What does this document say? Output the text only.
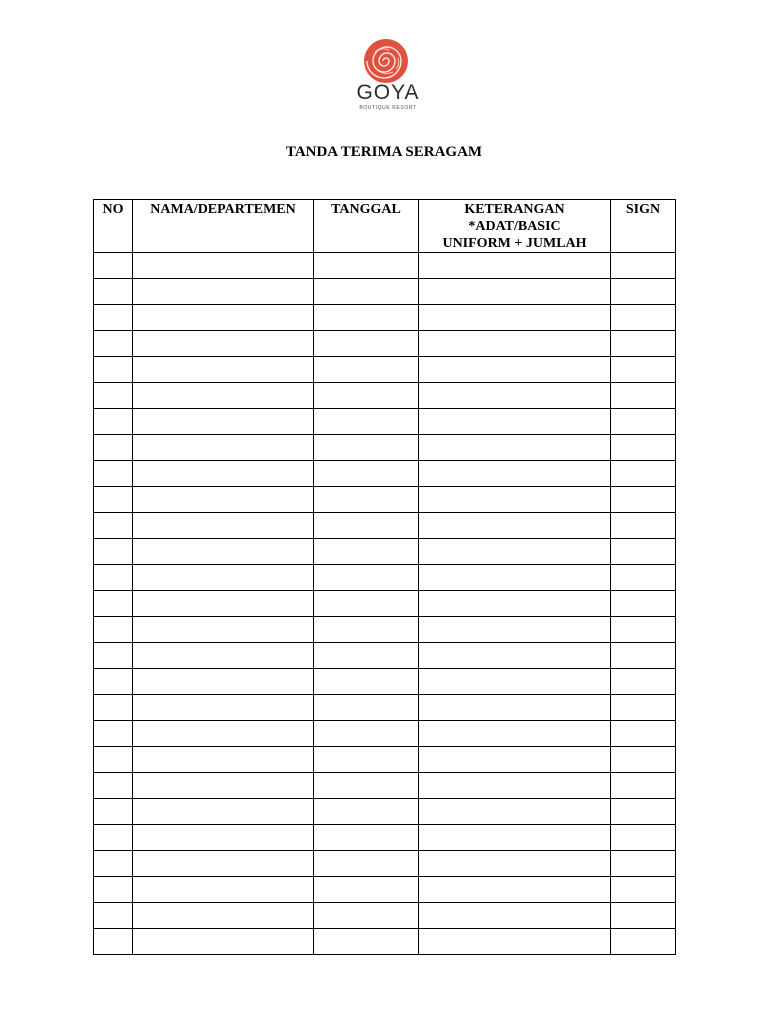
GOYA
BOUTIQUE RESORT
TANDA TERIMA SERAGAM
NO	NAMA/DEPARTEMEN	TANGGAL	KETERANGAN
*ADAT/BASIC
UNIFORM + JUMLAH	SIGN
